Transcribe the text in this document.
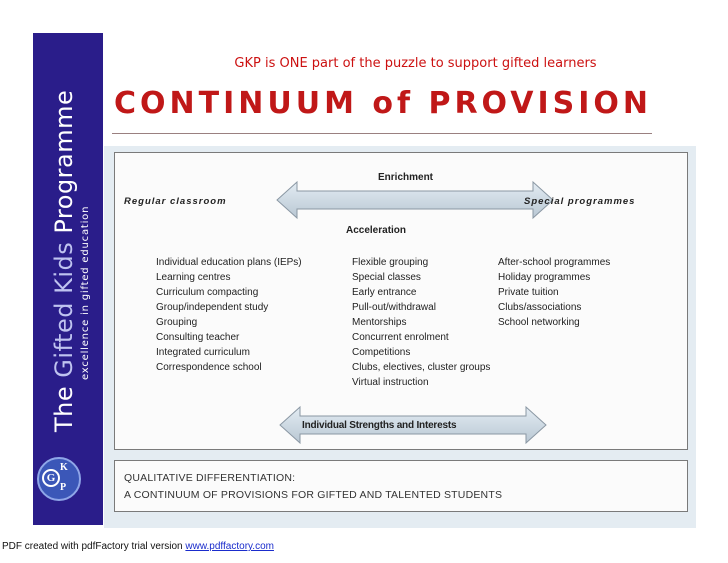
The Gifted Kids Programme
excellence in gifted education
G
K
P
GKP is ONE part of the puzzle to support gifted learners
CONTINUUM of PROVISION
Enrichment
Regular classroom	Special programmes
Acceleration
Individual Strengths and Interests
Individual education plans (IEPs)
Learning centres
Curriculum compacting
Group/independent study
Grouping
Consulting teacher
Integrated curriculum
Correspondence school
Flexible grouping
Special classes
Early entrance
Pull-out/withdrawal
Mentorships
Concurrent enrolment
Competitions
Clubs, electives, cluster groups
Virtual instruction
After-school programmes
Holiday programmes
Private tuition
Clubs/associations
School networking
QUALITATIVE DIFFERENTIATION:
A CONTINUUM OF PROVISIONS FOR GIFTED AND TALENTED STUDENTS
PDF created with pdfFactory trial version www.pdffactory.com
